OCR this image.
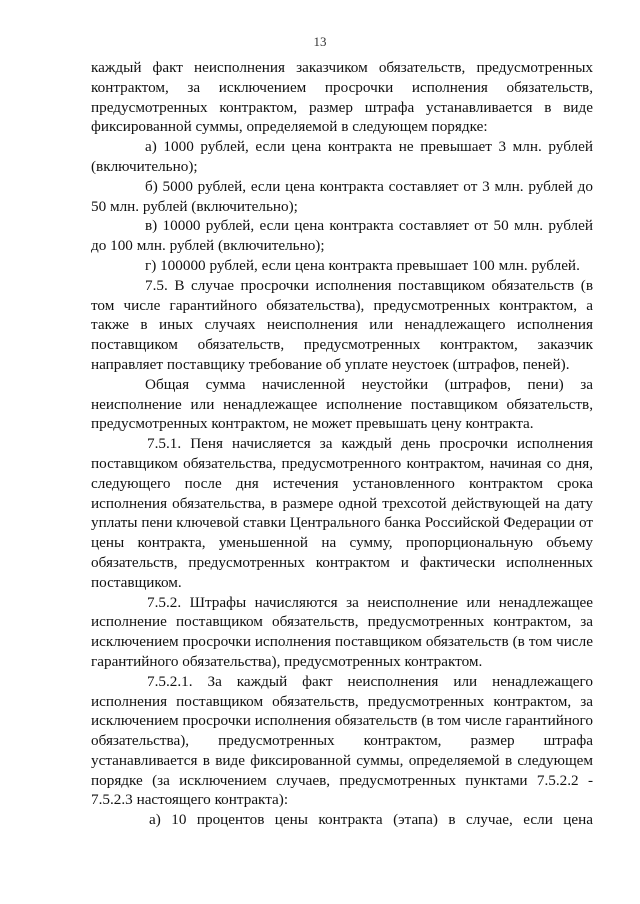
13
каждый факт неисполнения заказчиком обязательств, предусмотренных
контрактом, за исключением просрочки исполнения обязательств,
предусмотренных контрактом, размер штрафа устанавливается в виде
фиксированной суммы, определяемой в следующем порядке:
а) 1000 рублей, если цена контракта не превышает 3 млн. рублей
(включительно);
б) 5000 рублей, если цена контракта составляет от 3 млн. рублей до
50 млн. рублей (включительно);
в) 10000 рублей, если цена контракта составляет от 50 млн. рублей
до 100 млн. рублей (включительно);
г) 100000 рублей, если цена контракта превышает 100 млн. рублей.
7.5. В случае просрочки исполнения поставщиком обязательств (в
том числе гарантийного обязательства), предусмотренных контрактом, а
также в иных случаях неисполнения или ненадлежащего исполнения
поставщиком обязательств, предусмотренных контрактом, заказчик
направляет поставщику требование об уплате неустоек (штрафов, пеней).
Общая сумма начисленной неустойки (штрафов, пени) за
неисполнение или ненадлежащее исполнение поставщиком обязательств,
предусмотренных контрактом, не может превышать цену контракта.
7.5.1. Пеня начисляется за каждый день просрочки исполнения
поставщиком обязательства, предусмотренного контрактом, начиная со дня,
следующего после дня истечения установленного контрактом срока
исполнения обязательства, в размере одной трехсотой действующей на дату
уплаты пени ключевой ставки Центрального банка Российской Федерации от
цены контракта, уменьшенной на сумму, пропорциональную объему
обязательств, предусмотренных контрактом и фактически исполненных
поставщиком.
7.5.2. Штрафы начисляются за неисполнение или ненадлежащее
исполнение поставщиком обязательств, предусмотренных контрактом, за
исключением просрочки исполнения поставщиком обязательств (в том числе
гарантийного обязательства), предусмотренных контрактом.
7.5.2.1. За каждый факт неисполнения или ненадлежащего
исполнения поставщиком обязательств, предусмотренных контрактом, за
исключением просрочки исполнения обязательств (в том числе гарантийного
обязательства), предусмотренных контрактом, размер штрафа
устанавливается в виде фиксированной суммы, определяемой в следующем
порядке (за исключением случаев, предусмотренных пунктами 7.5.2.2 -
7.5.2.3 настоящего контракта):
а) 10 процентов цены контракта (этапа) в случае, если цена
